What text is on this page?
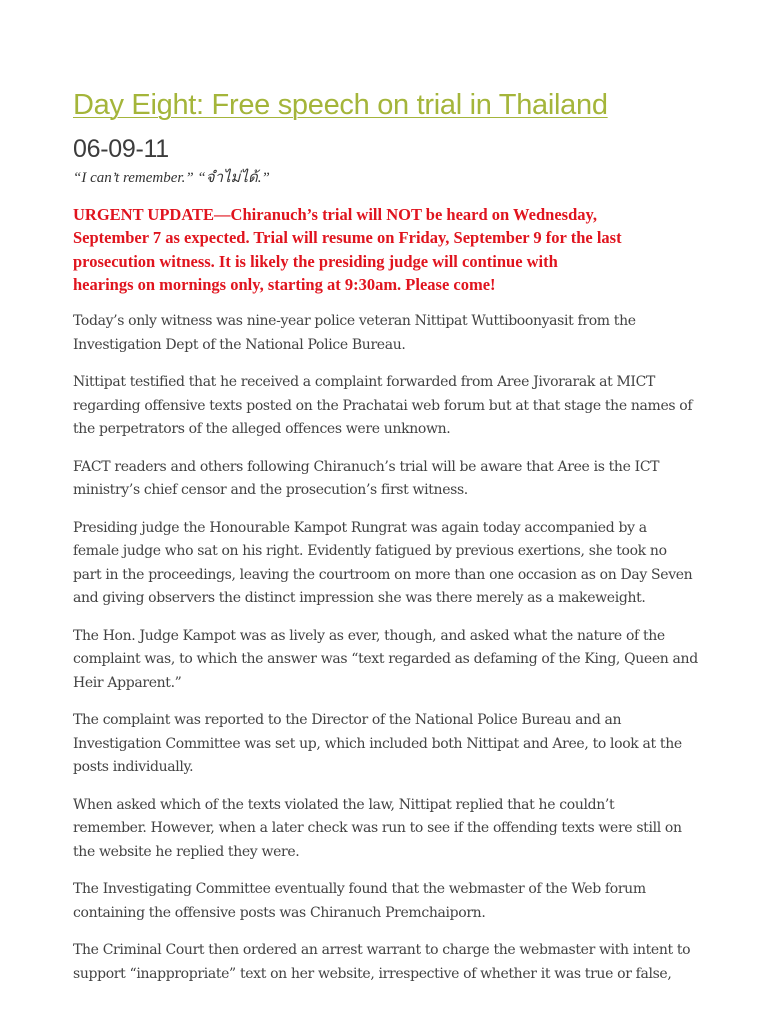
Day Eight: Free speech on trial in Thailand
06-09-11
“I can’t remember.” “จำไม่ได้.”

URGENT UPDATE—Chiranuch’s trial will NOT be heard on Wednesday,
September 7 as expected. Trial will resume on Friday, September 9 for the last
prosecution witness. It is likely the presiding judge will continue with
hearings on mornings only, starting at 9:30am. Please come!

Today’s only witness was nine-year police veteran Nittipat Wuttiboonyasit from the
Investigation Dept of the National Police Bureau.

Nittipat testified that he received a complaint forwarded from Aree Jivorarak at MICT
regarding offensive texts posted on the Prachatai web forum but at that stage the names of
the perpetrators of the alleged offences were unknown.

FACT readers and others following Chiranuch’s trial will be aware that Aree is the ICT
ministry’s chief censor and the prosecution’s first witness.

Presiding judge the Honourable Kampot Rungrat was again today accompanied by a
female judge who sat on his right. Evidently fatigued by previous exertions, she took no
part in the proceedings, leaving the courtroom on more than one occasion as on Day Seven
and giving observers the distinct impression she was there merely as a makeweight.

The Hon. Judge Kampot was as lively as ever, though, and asked what the nature of the
complaint was, to which the answer was “text regarded as defaming of the King, Queen and
Heir Apparent.”

The complaint was reported to the Director of the National Police Bureau and an
Investigation Committee was set up, which included both Nittipat and Aree, to look at the
posts individually.

When asked which of the texts violated the law, Nittipat replied that he couldn’t
remember. However, when a later check was run to see if the offending texts were still on
the website he replied they were.

The Investigating Committee eventually found that the webmaster of the Web forum
containing the offensive posts was Chiranuch Premchaiporn.

The Criminal Court then ordered an arrest warrant to charge the webmaster with intent to
support “inappropriate” text on her website, irrespective of whether it was true or false,
